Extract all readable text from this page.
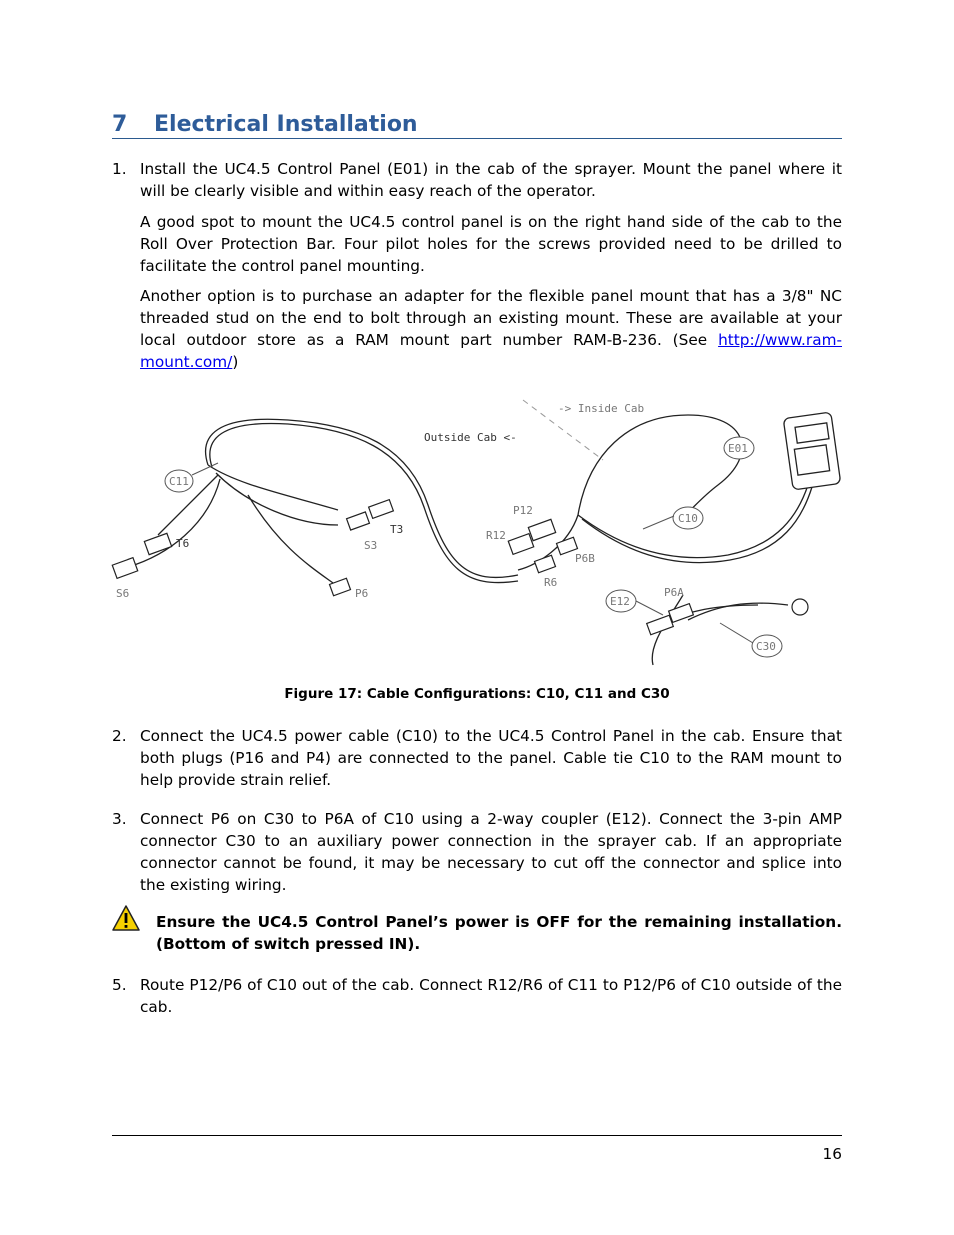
7 Electrical Installation
1. Install the UC4.5 Control Panel (E01) in the cab of the sprayer. Mount the panel where it will be clearly visible and within easy reach of the operator.
A good spot to mount the UC4.5 control panel is on the right hand side of the cab to the Roll Over Protection Bar. Four pilot holes for the screws provided need to be drilled to facilitate the control panel mounting.
Another option is to purchase an adapter for the flexible panel mount that has a 3/8" NC threaded stud on the end to bolt through an existing mount. These are available at your local outdoor store as a RAM mount part number RAM-B-236. (See http://www.ram-mount.com/)
-> Inside Cab
Outside Cab <-
C11
E01
C10
E12
C30
T6
S6
T3
S3
P6
P12
R12
P6B
R6
P6A
Figure 17: Cable Configurations: C10, C11 and C30
2. Connect the UC4.5 power cable (C10) to the UC4.5 Control Panel in the cab. Ensure that both plugs (P16 and P4) are connected to the panel. Cable tie C10 to the RAM mount to help provide strain relief.
3. Connect P6 on C30 to P6A of C10 using a 2-way coupler (E12). Connect the 3-pin AMP connector C30 to an auxiliary power connection in the sprayer cab. If an appropriate connector cannot be found, it may be necessary to cut off the connector and splice into the existing wiring.
Ensure the UC4.5 Control Panel’s power is OFF for the remaining installation. (Bottom of switch pressed IN).
5. Route P12/P6 of C10 out of the cab. Connect R12/R6 of C11 to P12/P6 of C10 outside of the cab.
16
